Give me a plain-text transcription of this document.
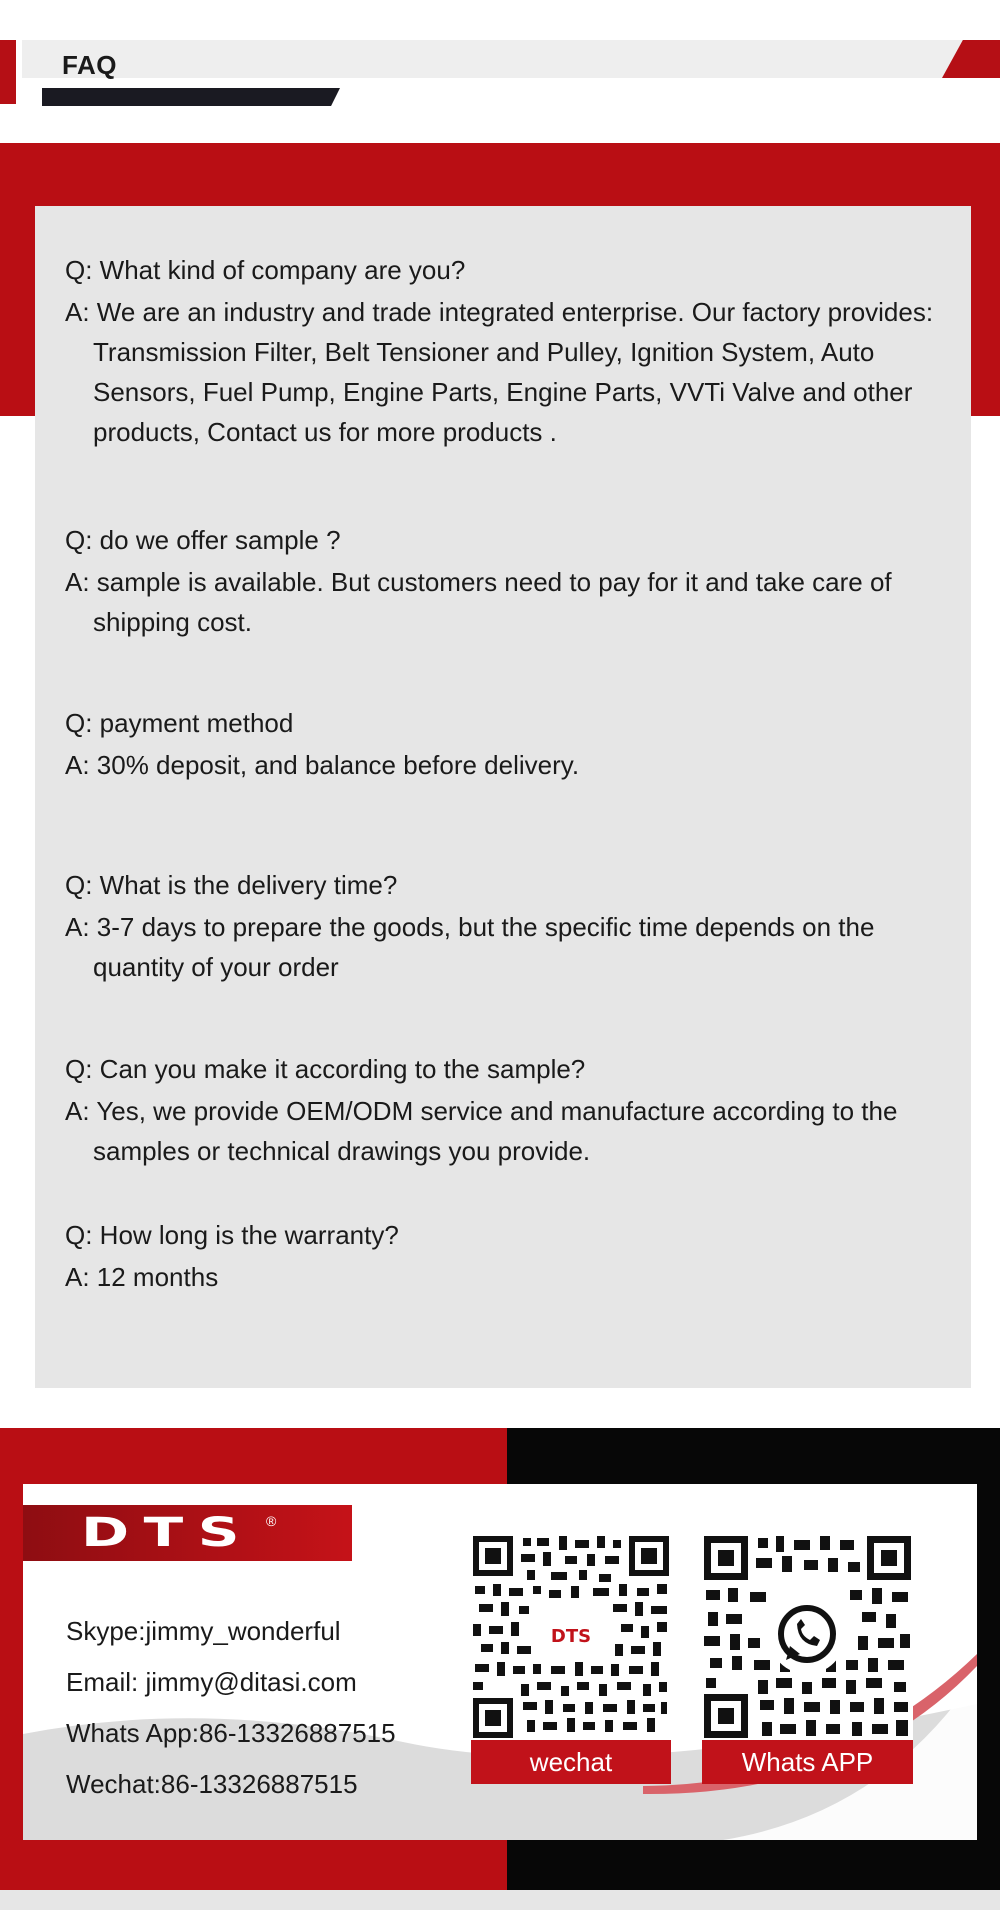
FAQ
Q: What kind of company are you?
A: We are an industry and trade integrated enterprise. Our factory provides: Transmission Filter, Belt Tensioner and Pulley, Ignition System, Auto Sensors, Fuel Pump, Engine Parts, Engine Parts, VVTi Valve and other products, Contact us for more products .
Q: do we offer sample ?
A: sample is available. But customers need to pay for it and take care of shipping cost.
Q: payment method
A: 30% deposit, and balance before delivery.
Q: What is the delivery time?
A: 3-7 days to prepare the goods, but the specific time depends on the quantity of your order
Q: Can you make it according to the sample?
A: Yes, we provide OEM/ODM service and manufacture according to the samples or technical drawings you provide.
Q: How long is the warranty?
A: 12 months
DTS ®
Skype:jimmy_wonderful
Email: jimmy@ditasi.com
Whats App:86-13326887515
Wechat:86-13326887515
DTS
wechat	Whats APP
